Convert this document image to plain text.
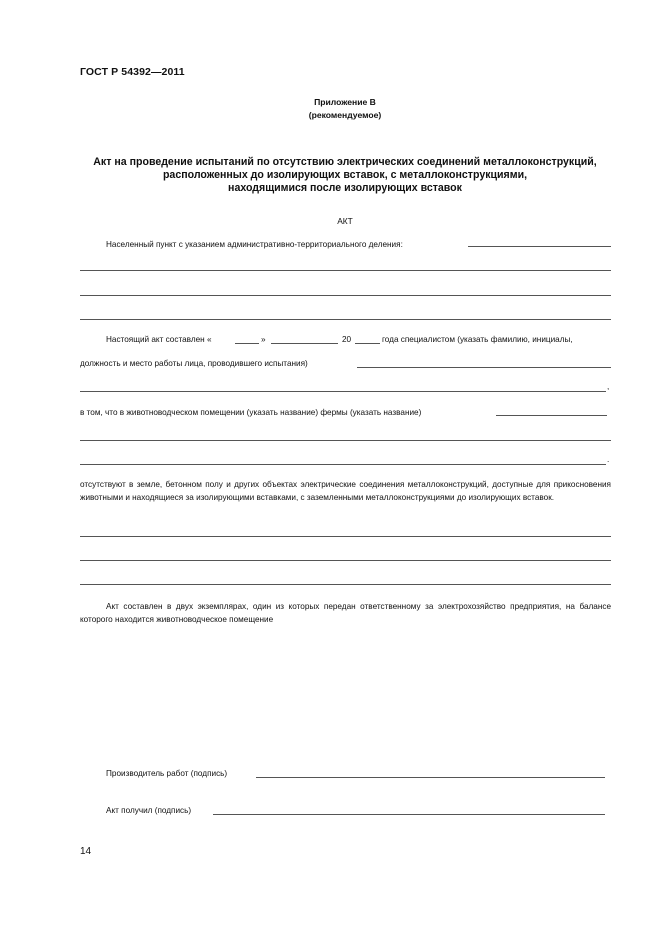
ГОСТ Р 54392—2011
Приложение В
(рекомендуемое)
Акт на проведение испытаний по отсутствию электрических соединений металлоконструкций,
расположенных до изолирующих вставок, с металлоконструкциями,
находящимися после изолирующих вставок
АКТ
Населенный пункт с указанием административно-территориального деления:
Настоящий акт составлен «	»	20	года специалистом (указать фамилию, инициалы,
должность и место работы лица, проводившего испытания)
,
в том, что в животноводческом помещении (указать название) фермы (указать название)
.
отсутствуют в земле, бетонном полу и других объектах электрические соединения металлоконструкций, доступные для прикосновения животными и находящиеся за изолирующими вставками, с заземленными металлоконструкциями до изолирующих вставок.
Акт составлен в двух экземплярах, один из которых передан ответственному за электрохозяйство предприятия, на балансе которого находится животноводческое помещение
Производитель работ (подпись)
Акт получил (подпись)
14
